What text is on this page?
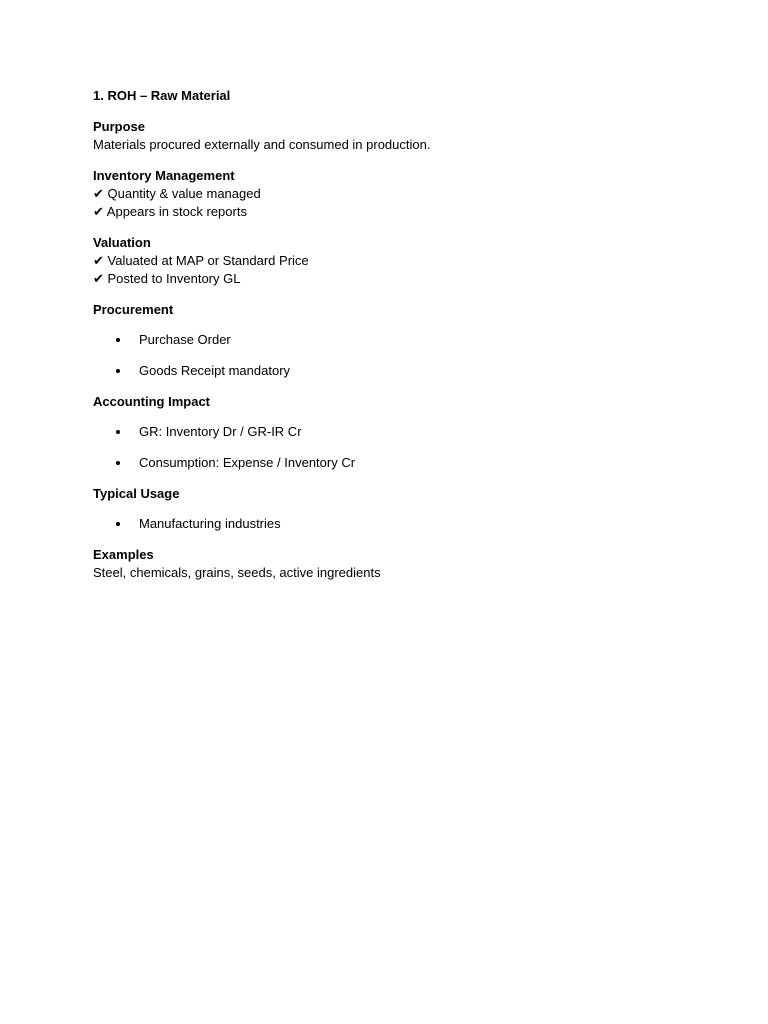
1. ROH – Raw Material
Purpose
Materials procured externally and consumed in production.
Inventory Management
✔ Quantity & value managed
✔ Appears in stock reports
Valuation
✔ Valuated at MAP or Standard Price
✔ Posted to Inventory GL
Procurement
Purchase Order
Goods Receipt mandatory
Accounting Impact
GR: Inventory Dr / GR-IR Cr
Consumption: Expense / Inventory Cr
Typical Usage
Manufacturing industries
Examples
Steel, chemicals, grains, seeds, active ingredients
